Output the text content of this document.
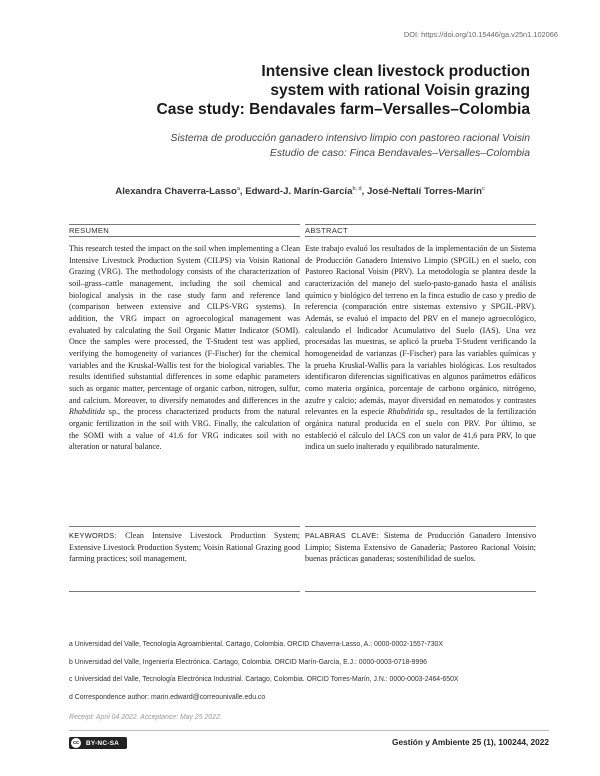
DOI: https://doi.org/10.15446/ga.v25n1.102066
Intensive clean livestock production
system with rational Voisin grazing
Case study: Bendavales farm–Versalles–Colombia
Sistema de producción ganadero intensivo limpio con pastoreo racional Voisin
Estudio de caso: Finca Bendavales–Versalles–Colombia
Alexandra Chaverra-Lasso$^a$, Edward-J. Marín-García$^{b, d}$, José-Neftalí Torres-Marín$^c$
RESUMEN
This research tested the impact on the soil when implementing a Clean Intensive Livestock Production System (CILPS) via Voisin Rational Grazing (VRG). The methodology consists of the characterization of soil–grass–cattle management, including the soil chemical and biological analysis in the case study farm and reference land (comparison between extensive and CILPS-VRG systems). In addition, the VRG impact on agroecological management was evaluated by calculating the Soil Organic Matter Indicator (SOMI). Once the samples were processed, the T-Student test was applied, verifying the homogeneity of variances (F-Fischer) for the chemical variables and the Kruskal-Wallis test for the biological variables. The results identified substantial differences in some edaphic parameters such as organic matter, percentage of organic carbon, nitrogen, sulfur, and calcium. Moreover, to diversify nematodes and differences in the Rhabditida sp., the process characterized products from the natural organic fertilization in the soil with VRG. Finally, the calculation of the SOMI with a value of 41.6 for VRG indicates soil with no alteration or natural balance.
ABSTRACT
Este trabajo evaluó los resultados de la implementación de un Sistema de Producción Ganadero Intensivo Limpio (SPGIL) en el suelo, con Pastoreo Racional Voisin (PRV). La metodología se plantea desde la caracterización del manejo del suelo-pasto-ganado hasta el análisis químico y biológico del terreno en la finca estudio de caso y predio de referencia (comparación entre sistemas extensivo y SPGIL-PRV). Además, se evaluó el impacto del PRV en el manejo agroecológico, calculando el Indicador Acumulativo del Suelo (IAS). Una vez procesadas las muestras, se aplicó la prueba T-Student verificando la homogeneidad de varianzas (F-Fischer) para las variables químicas y la prueba Kruskal-Wallis para la variables biológicas. Los resultados identificaron diferencias significativas en algunos parámetros edáficos como materia orgánica, porcentaje de carbono orgánico, nitrógeno, azufre y calcio; además, mayor diversidad en nematodos y contrastes relevantes en la especie Rhabditida sp., resultados de la fertilización orgánica natural producida en el suelo con PRV. Por último, se estableció el cálculo del IACS con un valor de 41,6 para PRV, lo que indica un suelo inalterado y equilibrado naturalmente.
KEYWORDS: Clean Intensive Livestock Production System; Extensive Livestock Production System; Voisin Rational Grazing good farming practices; soil management.
PALABRAS CLAVE: Sistema de Producción Ganadero Intensivo Limpio; Sistema Extensivo de Ganadería; Pastoreo Racional Voisin; buenas prácticas ganaderas; sostenibilidad de suelos.
a Universidad del Valle, Tecnología Agroambiental. Cartago, Colombia. ORCID Chaverra-Lasso, A.: 0000-0002-1557-730X
b Universidad del Valle, Ingeniería Electrónica. Cartago, Colombia. ORCID Marín-García, E.J.: 0000-0003-0718-9996
c Universidad del Valle, Tecnología Electrónica Industrial. Cartago, Colombia. ORCID Torres-Marín, J.N.: 0000-0003-2464-650X
d Correspondence author: marin.edward@correounivalle.edu.co
Receipt: April 04 2022. Acceptance: May 25 2022.
cc	BY-NC-SA	Gestión y Ambiente 25 (1), 100244, 2022
